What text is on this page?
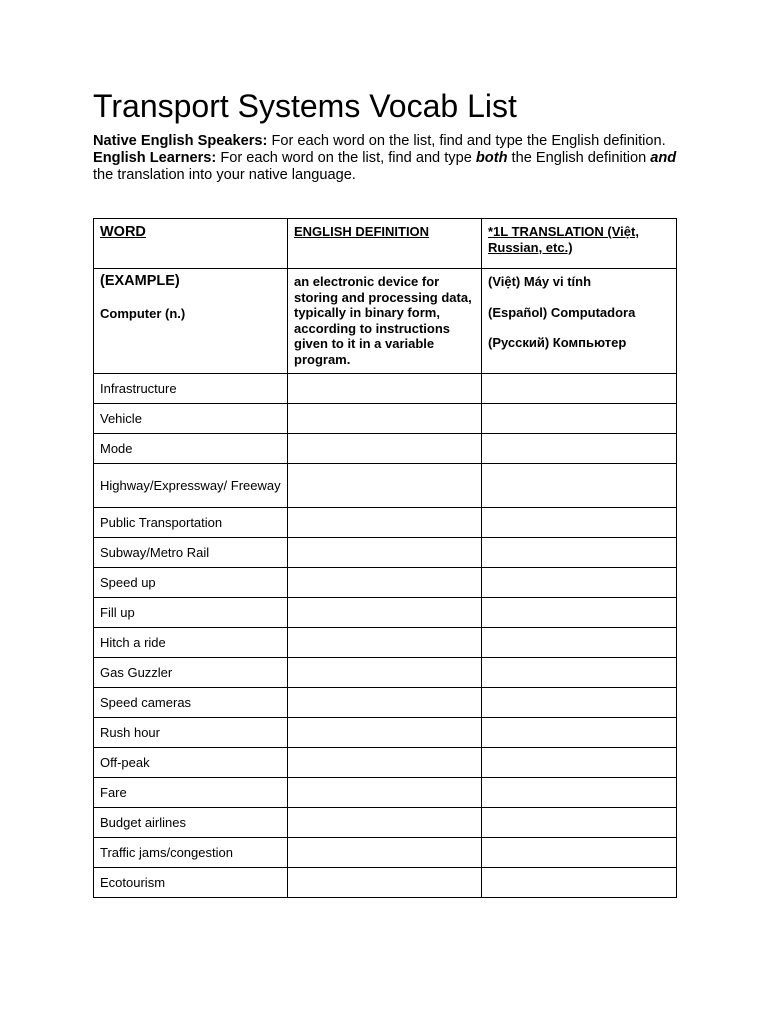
Transport Systems Vocab List

Native English Speakers: For each word on the list, find and type the English definition.

English Learners: For each word on the list, find and type both the English definition and the translation into your native language.

WORD	ENGLISH DEFINITION	*1L TRANSLATION (Việt, Russian, etc.)

(EXAMPLE)
Computer (n.)	an electronic device for storing and processing data, typically in binary form, according to instructions given to it in a variable program.	(Việt) Máy vi tính
(Español) Computadora
(Русский) Компьютер

Infrastructure		
Vehicle		
Mode		
Highway/Expressway/ Freeway		
Public Transportation		
Subway/Metro Rail		
Speed up		
Fill up		
Hitch a ride		
Gas Guzzler		
Speed cameras		
Rush hour		
Off-peak		
Fare		
Budget airlines		
Traffic jams/congestion		
Ecotourism		
